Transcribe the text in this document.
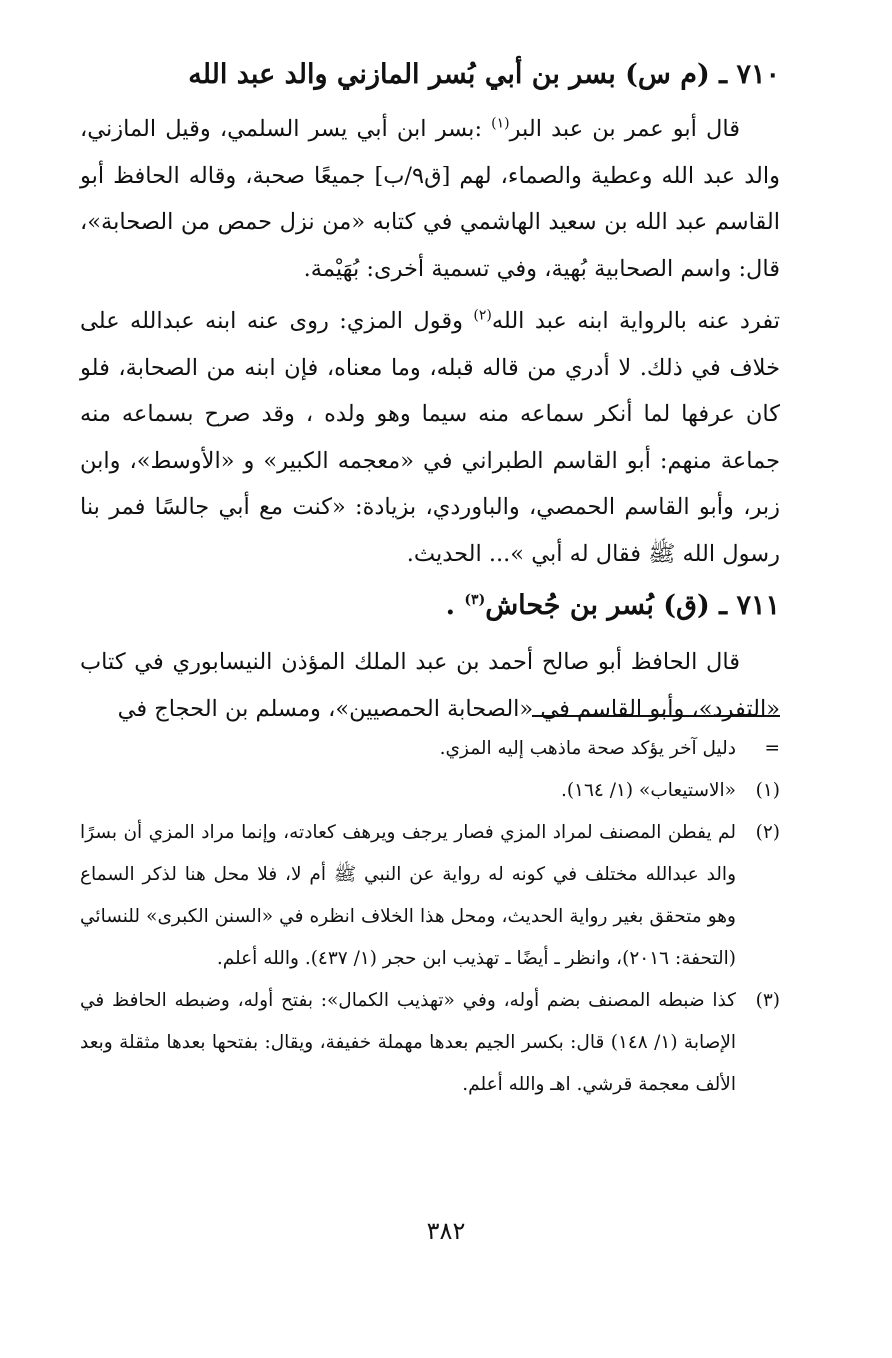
٧١٠ ـ (م س) بسر بن أبي بُسر المازني والد عبد الله

قال أبو عمر بن عبد البر$^{(١)}$ :بسر ابن أبي يسر السلمي، وقيل المازني، والد عبد الله وعطية والصماء، لهم [ق٩/ب] جميعًا صحبة، وقاله الحافظ أبو القاسم عبد الله بن سعيد الهاشمي في كتابه «من نزل حمص من الصحابة»، قال: واسم الصحابية بُهية، وفي تسمية أخرى: بُهَيْمة.

تفرد عنه بالرواية ابنه عبد الله$^{(٢)}$ وقول المزي: روى عنه ابنه عبدالله على خلاف في ذلك. لا أدري من قاله قبله، وما معناه، فإن ابنه من الصحابة، فلو كان عرفها لما أنكر سماعه منه سيما وهو ولده ، وقد صرح بسماعه منه جماعة منهم: أبو القاسم الطبراني في «معجمه الكبير» و «الأوسط»، وابن زبر، وأبو القاسم الحمصي، والباوردي، بزيادة: «كنت مع أبي جالسًا فمر بنا رسول الله ﷺ فقال له أبي »... الحديث.

٧١١ ـ (ق) بُسر بن جُحاش$^{(٣)}$ .

قال الحافظ أبو صالح أحمد بن عبد الملك المؤذن النيسابوري في كتاب «التفرد»، وأبو القاسم في «الصحابة الحمصيين»، ومسلم بن الحجاج في

=
دليل آخر يؤكد صحة ماذهب إليه المزي.
(١)
«الاستيعاب» (١/ ١٦٤).
(٢)
لم يفطن المصنف لمراد المزي فصار يرجف ويرهف كعادته، وإنما مراد المزي أن بسرًا والد عبدالله مختلف في كونه له رواية عن النبي ﷺ أم لا، فلا محل هنا لذكر السماع وهو متحقق بغير رواية الحديث، ومحل هذا الخلاف انظره في «السنن الكبرى» للنسائي (التحفة: ٢٠١٦)، وانظر ـ أيضًا ـ تهذيب ابن حجر (١/ ٤٣٧). والله أعلم.
(٣)
كذا ضبطه المصنف بضم أوله، وفي «تهذيب الكمال»: بفتح أوله، وضبطه الحافظ في الإصابة (١/ ١٤٨) قال: بكسر الجيم بعدها مهملة خفيفة، ويقال: بفتحها بعدها مثقلة وبعد الألف معجمة قرشي. اهـ والله أعلم.
٣٨٢
